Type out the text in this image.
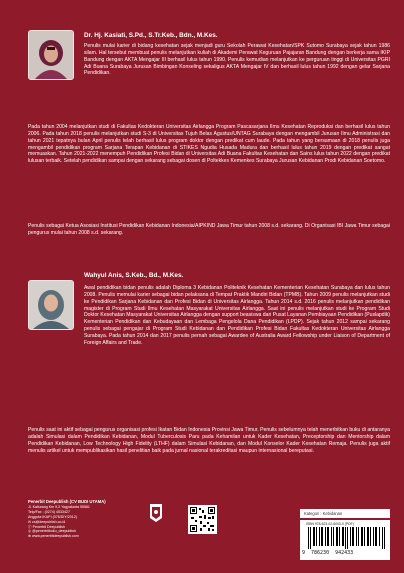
Dr. Hj. Kasiati, S.Pd., S.Tr.Keb., Bdn., M.Kes.

Penulis mulai karier di bidang kesehatan sejak menjadi guru Sekolah Perawat Kesehatan/SPK Sutomo Surabaya sejak tahun 1986 silam. Hal tersebut membuat penulis melanjutkan kuliah di Akademi Perawat Keguruan Pajajaran Bandung dengan berkerja sama IKIP Bandung dengan AKTA Mengajar III berhasil lulus tahun 1990. Penulis kemudian melanjutkan ke perguruan tinggi di Universitas PGRI Adi Buana Surabaya Jurusan Bimbingan Konseling sekaligus AKTA Mengajar IV dan berhasil lulus tahun 1992 dengan gelar Sarjana Pendidikan.

Pada tahun 2004 melanjutkan studi di Fakultas Kedokteran Universitas Airlangga Program Pascasarjana Ilmu Kesehatan Reproduksi dan berhasil lulus tahun 2006. Pada tahun 2018 penulis melanjutkan studi S-3 di Universitas Tujuh Belas Agustus/UNTAG Surabaya dengan mengambil Jurusan Ilmu Administrasi dan tahun 2021 tepatnya bulan April penulis telah berhasil lulus program doktor dengan predikat cum laude. Pada tahun yang bersamaan di 2018 penulis juga mengambil pendidikan program Sarjana Terapan Kebidanan di STIKES Ngudia Husada Madura dan berhasil lulus tahun 2019 dengan predikat sangat memuaskan. Tahun 2021-2022 menempuh Pendidikan Profesi Bidan di Universitas Adi Buana Fakultas Kesehatan dan Sains lulus tahun 2022 dengan predikat lulusan terbaik. Setelah pendidikan sampai dengan sekarang sebagai dosen di Poltekkes Kemenkes Surabaya Jurusan Kebidanan Prodi Kebidanan Soetomo.

Penulis sebagai Ketua Asosiasi Institusi Pendidikan Kebidanan Indonesia/AIPKIND Jawa Timur tahun 2008 s.d. sekarang. Di Organisasi IBI Jawa Timur sebagai pengurus mulai tahun 2008 s.d. sekarang.

Wahyul Anis, S.Keb., Bd., M.Kes.

Awal pendidikan bidan penulis adalah Diploma 3 Kebidanan Politeknik Kesehatan Kementerian Kesehatan Surabaya dan lulus tahun 2008. Penulis memulai karier sebagai bidan pelaksana di Tempat Praktik Mandiri Bidan (TPMB). Tahun 2009 penulis melanjutkan studi ke Pendidikan Sarjana Kebidanan dan Profesi Bidan di Universitas Airlangga. Tahun 2014 s.d. 2016 penulis melanjutkan pendidikan magister di Program Studi Ilmu Kesehatan Masyarakat Universitas Airlangga. Saat ini penulis melanjutkan studi ke Program Studi Doktor Kesehatan Masyarakat Universitas Airlangga dengan support beasiswa dari Pusat Layanan Pembiayaan Pendidikan (Puslapdik) Kementerian Pendidikan dan Kebudayaan dan Lembaga Pengelola Dana Pendidikan (LPDP). Sejak tahun 2012 sampai sekarang penulis sebagai pengajar di Program Studi Kebidanan dan Pendidikan Profesi Bidan Fakultas Kedokteran Universitas Airlangga Surabaya. Pada tahun 2014 dan 2017 penulis pernah sebagai Awardee of Australia Award Fellowship under Liaison of Department of Foreign Affairs and Trade.

Penulis saat ini aktif sebagai pengurus organisasi profesi Ikatan Bidan Indonesia Provinsi Jawa Timur. Penulis sebelumnya telah menerbitkan buku di antaranya adalah Simulasi dalam Pendidikan Kebidanan, Modul Tuberculosis Paru pada Kehamilan untuk Kader Kesehatan, Preceptorship dan Mentorship dalam Pendidikan Kebidanan, Low Technology High Fidelity (LTHF) dalam Simulasi Kebidanan, dan Modul Konselor Kader Kesehatan Remaja. Penulis juga aktif menulis artikel untuk mempublikasikan hasil penelitian baik pada jurnal nasional terakreditasi maupun internasional bereputasi.

Penerbit Deepublish (CV BUDI UTAMA)
Jl. Kaliurang Km 9,3 Yogyakarta 55581
Telp/Fax : (0274) 4533427
Anggota IKAPI (076/DIY/2012)
✉ cs@deepublish.co.id
ⓕ Penerbit Deepublish
◎ @penerbitbuku_deepublish
⊕ www.penerbitdeepublish.com
Kategori : Kebidanan
ISBN 978-623-02-6000-0 (PDF)
9 786230 942433
